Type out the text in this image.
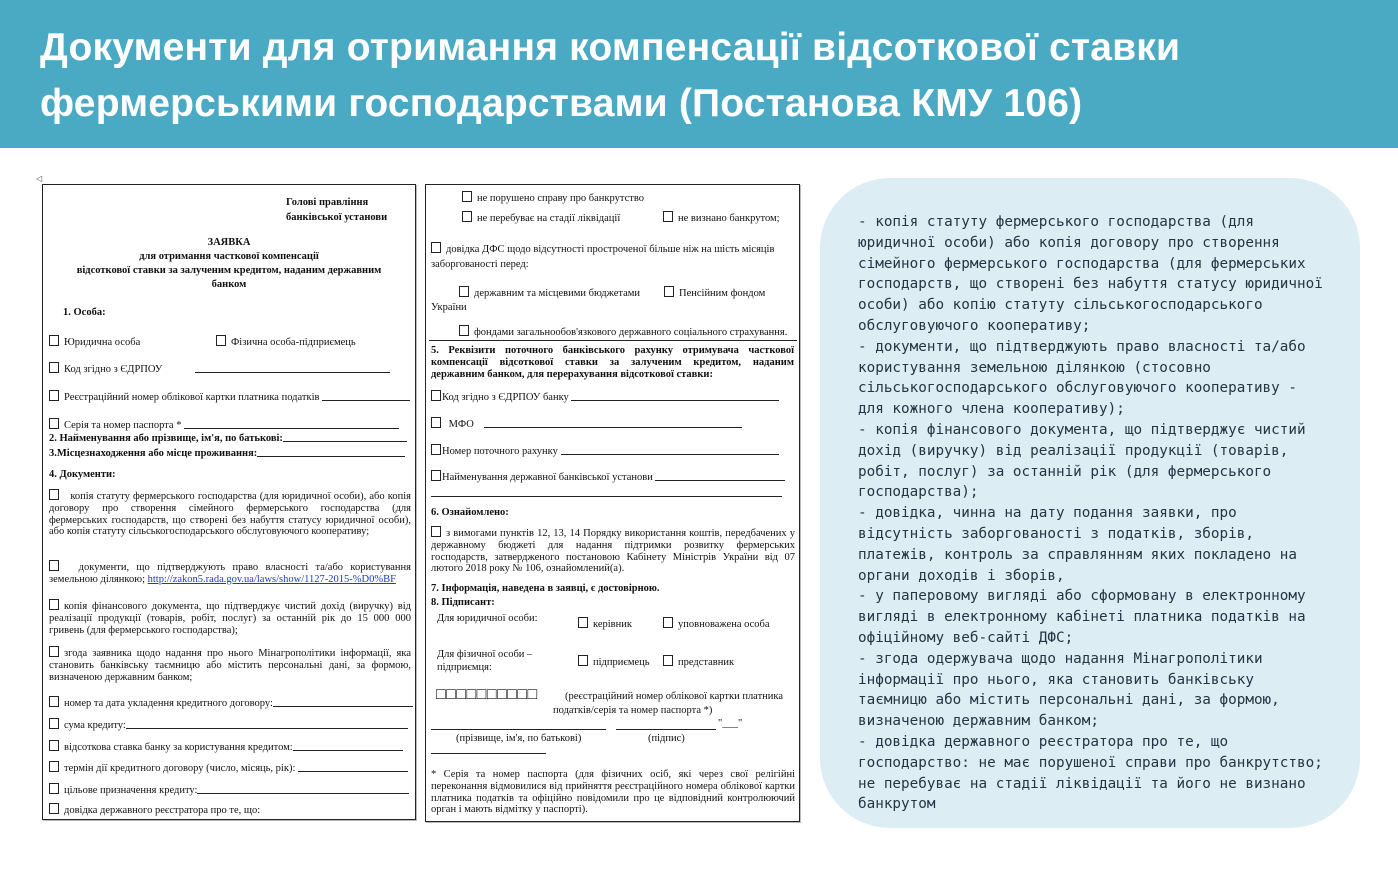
Документи для отримання компенсації відсоткової ставки
фермерськими господарствами (Постанова КМУ 106)
◁
Голові правління
банківської установи
ЗАЯВКА
для отримання часткової компенсації
відсоткової ставки за залученим кредитом, наданим державним
банком
1. Особа:
Юридична особа	Фізична особа-підприємець
Код згідно з ЄДРПОУ
Реєстраційний номер облікової картки платника податків
Серія та номер паспорта *
2. Найменування або прізвище, ім'я, по батькові:
3.Місцезнаходження або місце проживання:
4. Документи:
копія статуту фермерського господарства (для юридичної особи), або копія договору про створення сімейного фермерського господарства (для фермерських господарств, що створені без набуття статусу юридичної особи), або копія статуту сільськогосподарського обслуговуючого кооперативу;
документи, що підтверджують право власності та/або користування земельною ділянкою; http://zakon5.rada.gov.ua/laws/show/1127-2015-%D0%BF
копія фінансового документа, що підтверджує чистий дохід (виручку) від реалізації продукції (товарів, робіт, послуг) за останній рік до 15 000 000 гривень (для фермерського господарства);
згода заявника щодо надання про нього Мінагрополітики інформації, яка становить банківську таємницю або містить персональні дані, за формою, визначеною державним банком;
номер та дата укладення кредитного договору:
сума кредиту:
відсоткова ставка банку за користування кредитом:
термін дії кредитного договору (число, місяць, рік):
цільове призначення кредиту:
довідка державного реєстратора про те, що:
не порушено справу про банкрутство
не перебуває на стадії ліквідації	не визнано банкрутом;
довідка ДФС щодо відсутності простроченої більше ніж на шість місяців
заборгованості перед:
державним та місцевими бюджетами	Пенсійним фондом
України
фондами загальнообов'язкового державного соціального страхування.
5. Реквізити поточного банківського рахунку отримувача часткової компенсації відсоткової ставки за залученим кредитом, наданим державним банком, для перерахування відсоткової ставки:
Код згідно з ЄДРПОУ банку
МФО
Номер поточного рахунку
Найменування державної банківської установи
6. Ознайомлено:
з вимогами пунктів 12, 13, 14 Порядку використання коштів, передбачених у державному бюджеті для надання підтримки розвитку фермерських господарств, затвердженого постановою Кабінету Міністрів України від 07 лютого 2018 року № 106, ознайомлений(а).
7. Інформація, наведена в заявці, є достовірною.
8. Підписант:
Для юридичної особи:
керівник	уповноважена особа
Для фізичної особи –
підприємця:	підприємець	представник
□□□□□□□□□□	(реєстраційний номер облікової картки платника
податків/серія та номер паспорта *)
"___"
(прізвище, ім'я, по батькові)	(підпис)
* Серія та номер паспорта (для фізичних осіб, які через свої релігійні переконання відмовилися від прийняття реєстраційного номера облікової картки платника податків та офіційно повідомили про це відповідний контролюючий орган і мають відмітку у паспорті).
- копія статуту фермерського господарства (для юридичної особи) або копія договору про створення сімейного фермерського господарства (для фермерських господарств, що створені без набуття статусу юридичної особи) або копію статуту сільськогосподарського обслуговуючого кооперативу;
- документи, що підтверджують право власності та/або користування земельною ділянкою (стосовно сільськогосподарського обслуговуючого кооперативу - для кожного члена кооперативу);
- копія фінансового документа, що підтверджує чистий дохід (виручку) від реалізації продукції (товарів, робіт, послуг) за останній рік (для фермерського господарства);
- довідка, чинна на дату подання заявки, про відсутність заборгованості з податків, зборів, платежів, контроль за справлянням яких покладено на органи доходів і зборів,
- у паперовому вигляді або сформовану в електронному вигляді в електронному кабінеті платника податків на офіційному веб-сайті ДФС;
- згода одержувача щодо надання Мінагрополітики інформації про нього, яка становить банківську таємницю або містить персональні дані, за формою, визначеною державним банком;
- довідка державного реєстратора про те, що господарство: не має порушеної справи про банкрутство; не перебуває на стадії ліквідації та його не визнано банкрутом
